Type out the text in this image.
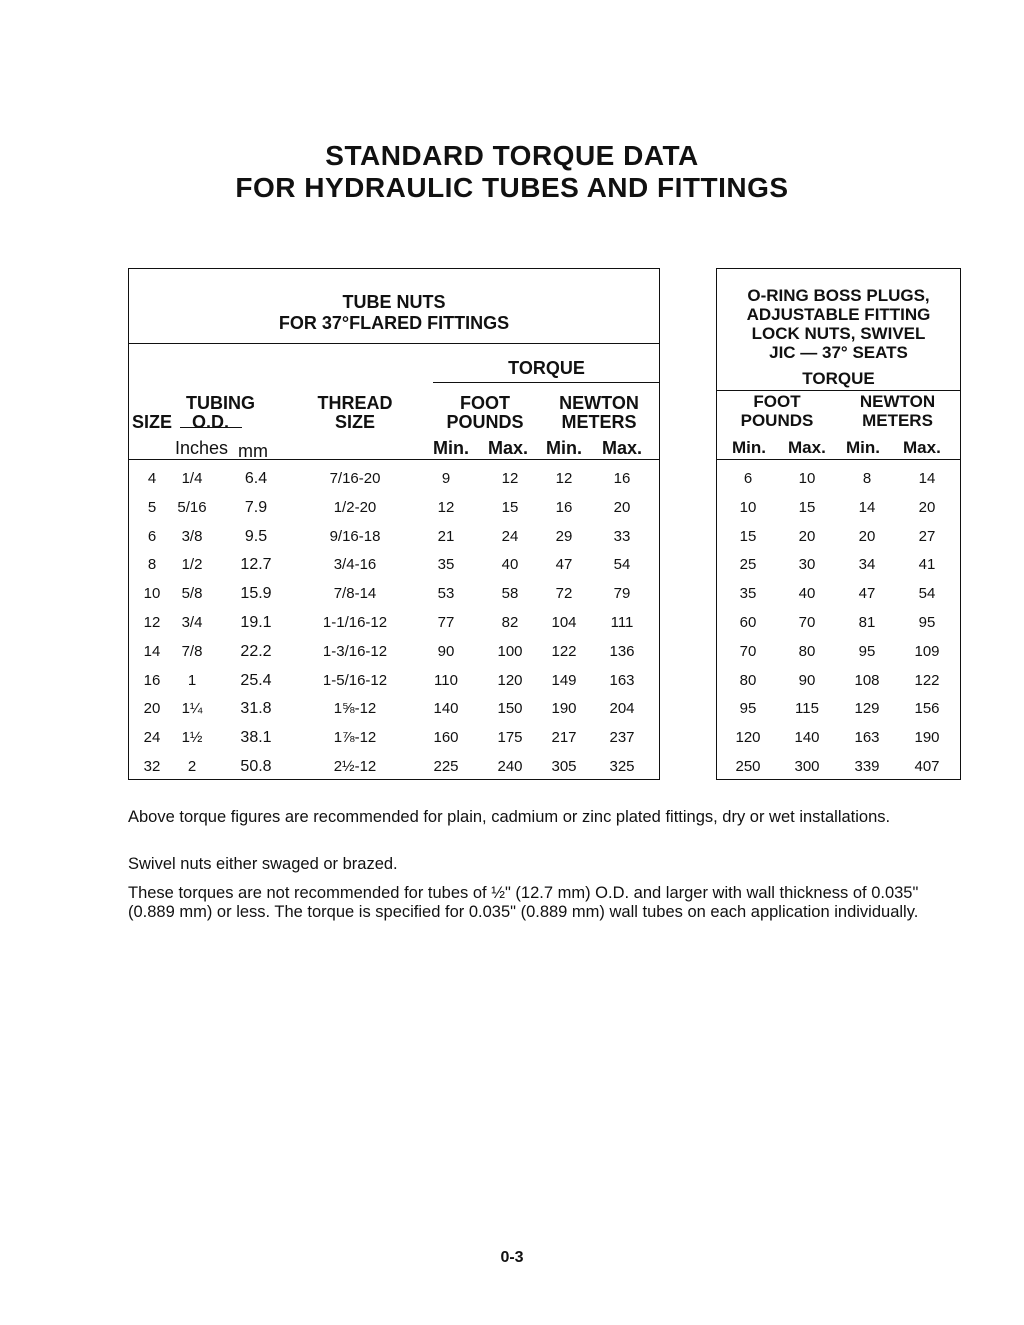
STANDARD TORQUE DATA
FOR HYDRAULIC TUBES AND FITTINGS
TUBE NUTS
FOR 37°FLARED FITTINGS
TORQUE
TUBING
SIZE O.D.
THREAD
SIZE
FOOT
POUNDS
NEWTON
METERS
Inches mm	Min. Max. Min. Max.
4	1/4	6.4	7/16-20	9	12	12	16
5	5/16	7.9	1/2-20	12	15	16	20
6	3/8	9.5	9/16-18	21	24	29	33
8	1/2	12.7	3/4-16	35	40	47	54
10	5/8	15.9	7/8-14	53	58	72	79
12	3/4	19.1	1-1/16-12	77	82	104	111
14	7/8	22.2	1-3/16-12	90	100	122	136
16	1	25.4	1-5/16-12	110	120	149	163
20	1¼	31.8	1⅝-12	140	150	190	204
24	1½	38.1	1⅞-12	160	175	217	237
32	2	50.8	2½-12	225	240	305	325
O-RING BOSS PLUGS,
ADJUSTABLE FITTING
LOCK NUTS, SWIVEL
JIC — 37° SEATS
TORQUE
FOOT
POUNDS
NEWTON
METERS
Min. Max. Min. Max.
6	10	8	14
10	15	14	20
15	20	20	27
25	30	34	41
35	40	47	54
60	70	81	95
70	80	95	109
80	90	108	122
95	115	129	156
120	140	163	190
250	300	339	407
Above torque figures are recommended for plain, cadmium or zinc plated fittings, dry or wet installations.
Swivel nuts either swaged or brazed.
These torques are not recommended for tubes of ½" (12.7 mm) O.D. and larger with wall thickness of 0.035" (0.889 mm) or less. The torque is specified for 0.035" (0.889 mm) wall tubes on each application individually.
0-3
